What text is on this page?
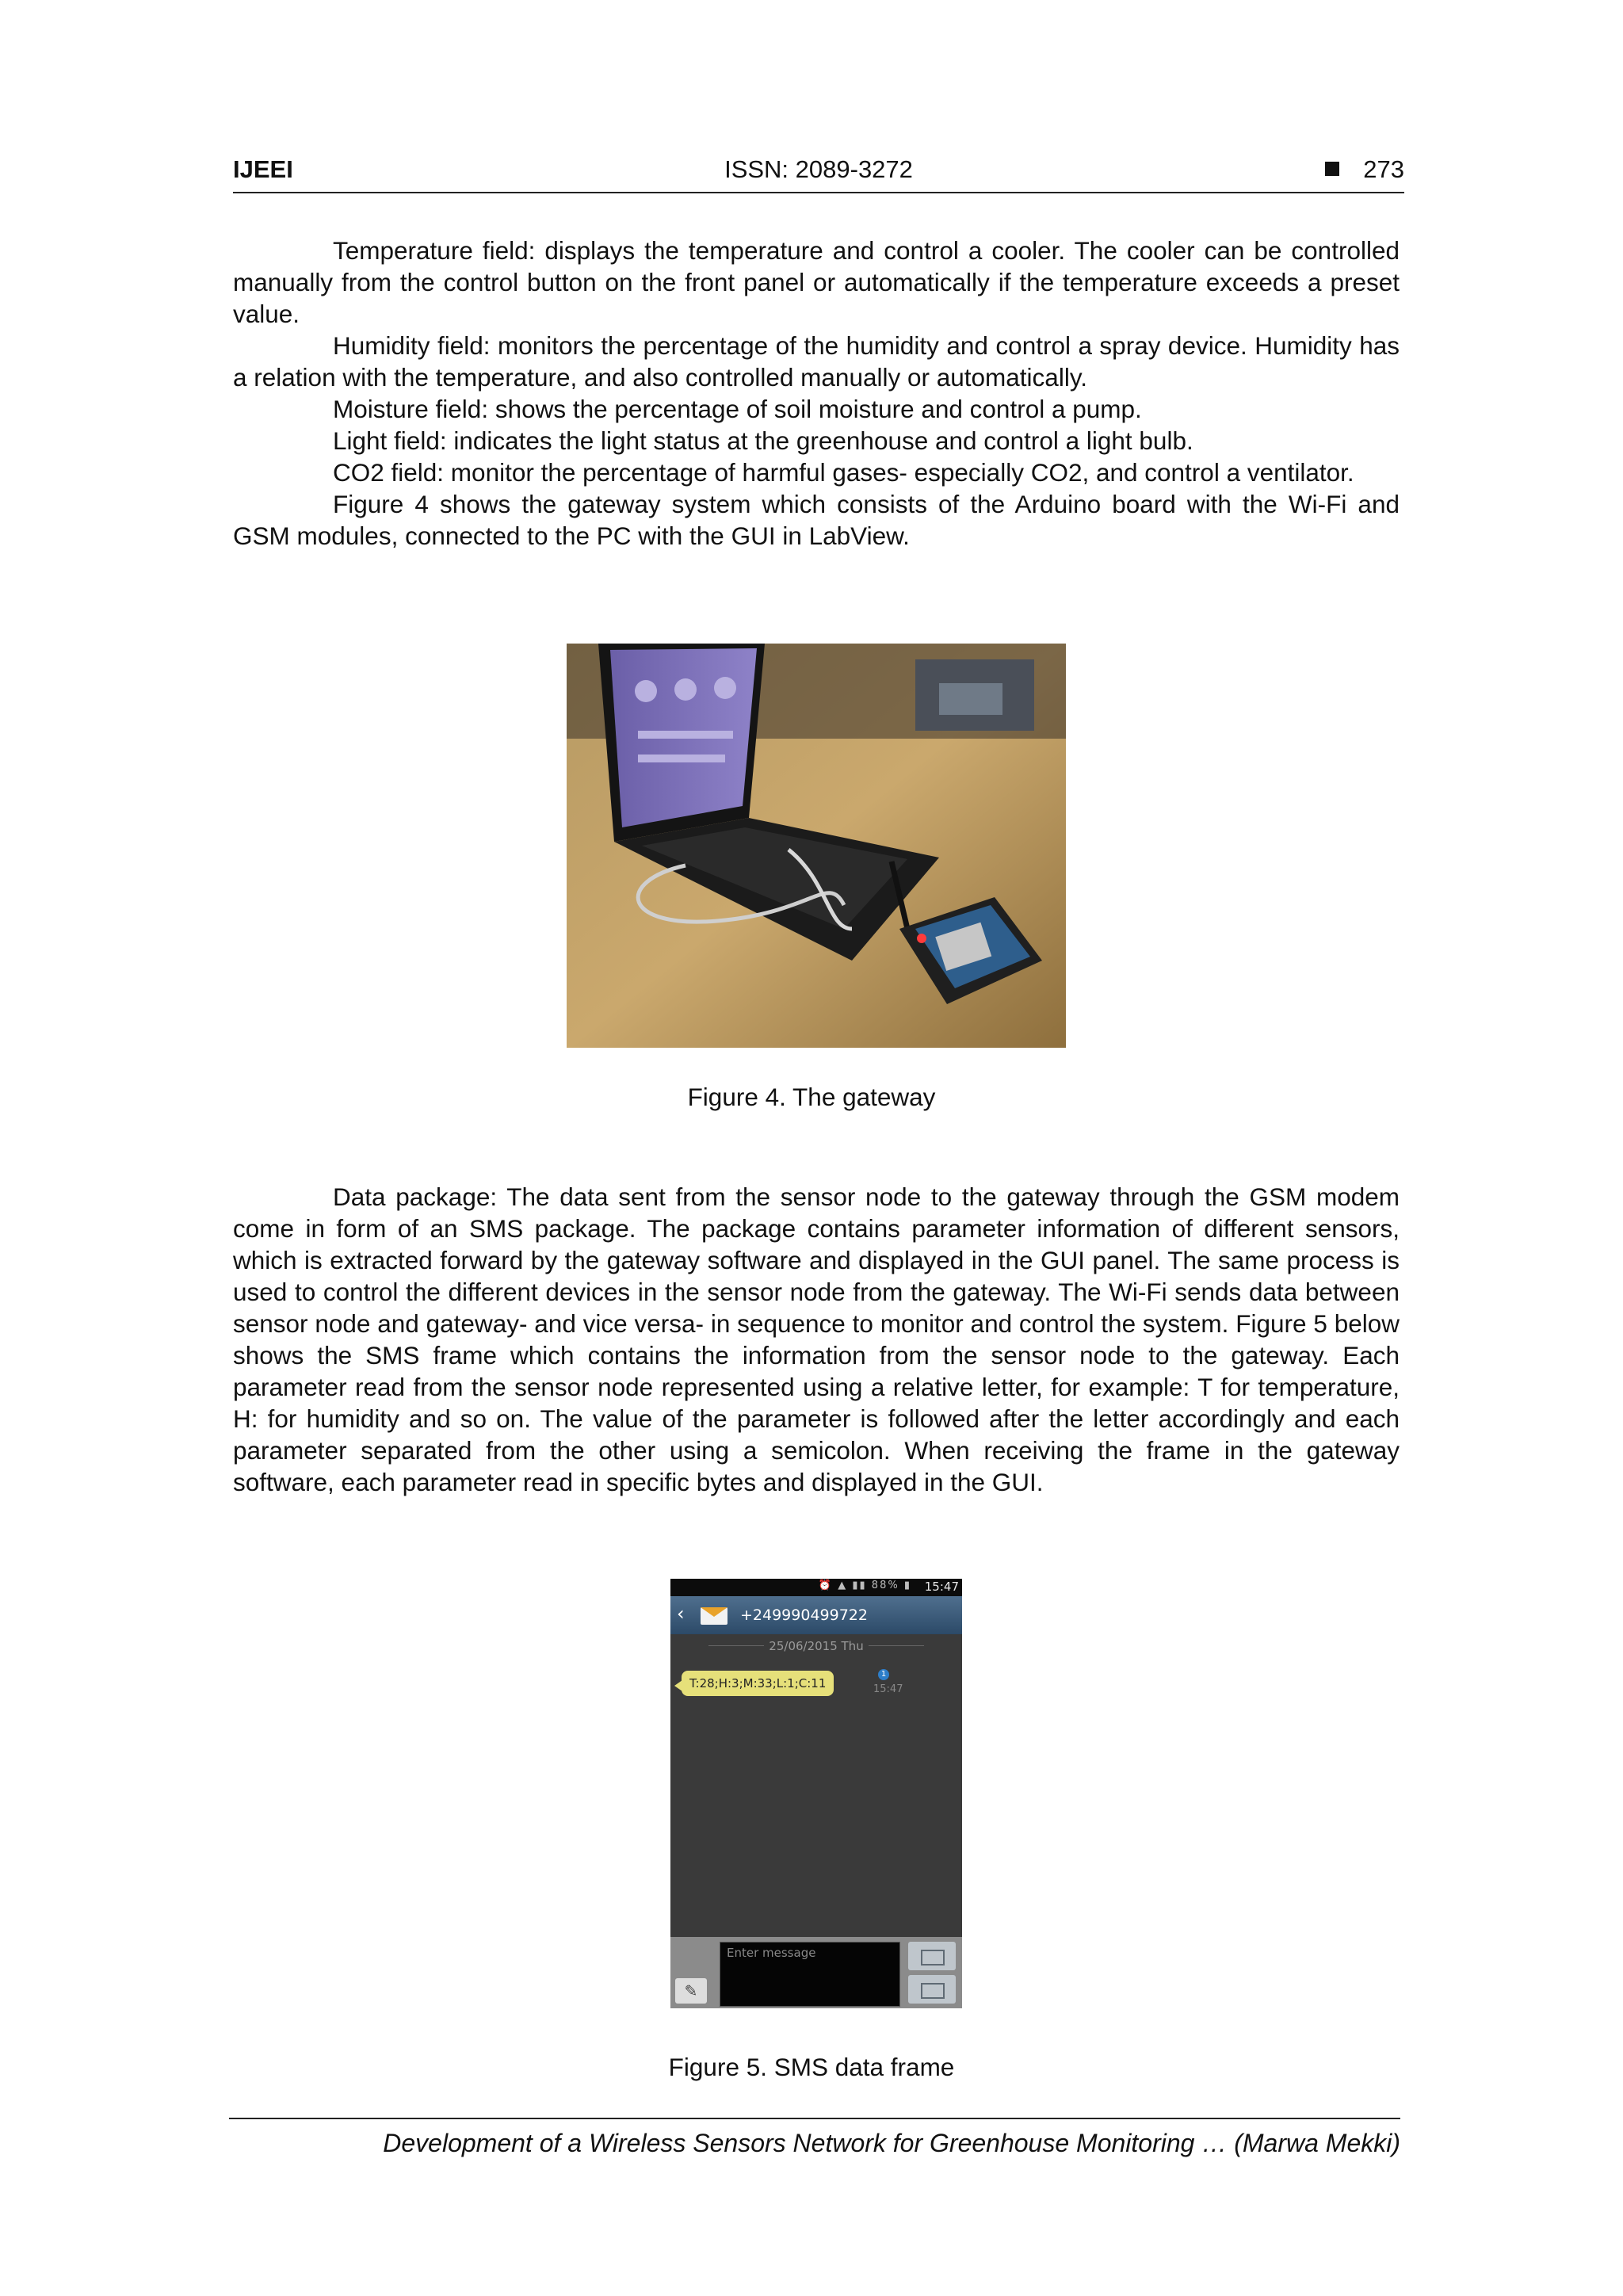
IJEEI	ISSN: 2089-3272	273

Temperature field: displays the temperature and control a cooler. The cooler can be controlled manually from the control button on the front panel or automatically if the temperature exceeds a preset value.

Humidity field: monitors the percentage of the humidity and control a spray device. Humidity has a relation with the temperature, and also controlled manually or automatically.

Moisture field: shows the percentage of soil moisture and control a pump.

Light field: indicates the light status at the greenhouse and control a light bulb.

CO2 field: monitor the percentage of harmful gases- especially CO2, and control a ventilator.

Figure 4 shows the gateway system which consists of the Arduino board with the Wi-Fi and GSM modules, connected to the PC with the GUI in LabView.

Figure 4. The gateway

Data package: The data sent from the sensor node to the gateway through the GSM modem come in form of an SMS package. The package contains parameter information of different sensors, which is extracted forward by the gateway software and displayed in the GUI panel. The same process is used to control the different devices in the sensor node from the gateway. The Wi-Fi sends data between sensor node and gateway- and vice versa- in sequence to monitor and control the system. Figure 5 below shows the SMS frame which contains the information from the sensor node to the gateway. Each parameter read from the sensor node represented using a relative letter, for example: T for temperature, H: for humidity and so on. The value of the parameter is followed after the letter accordingly and each parameter separated from the other using a semicolon. When receiving the frame in the gateway software, each parameter read in specific bytes and displayed in the GUI.

⏰ ▲ ▮▮ 88% ▮ 15:47
‹	+249990499722
25/06/2015 Thu
T:28;H:3;M:33;L:1;C:11
1
15:47
✎
Enter message
Figure 5. SMS data frame
Development of a Wireless Sensors Network for Greenhouse Monitoring … (Marwa Mekki)
